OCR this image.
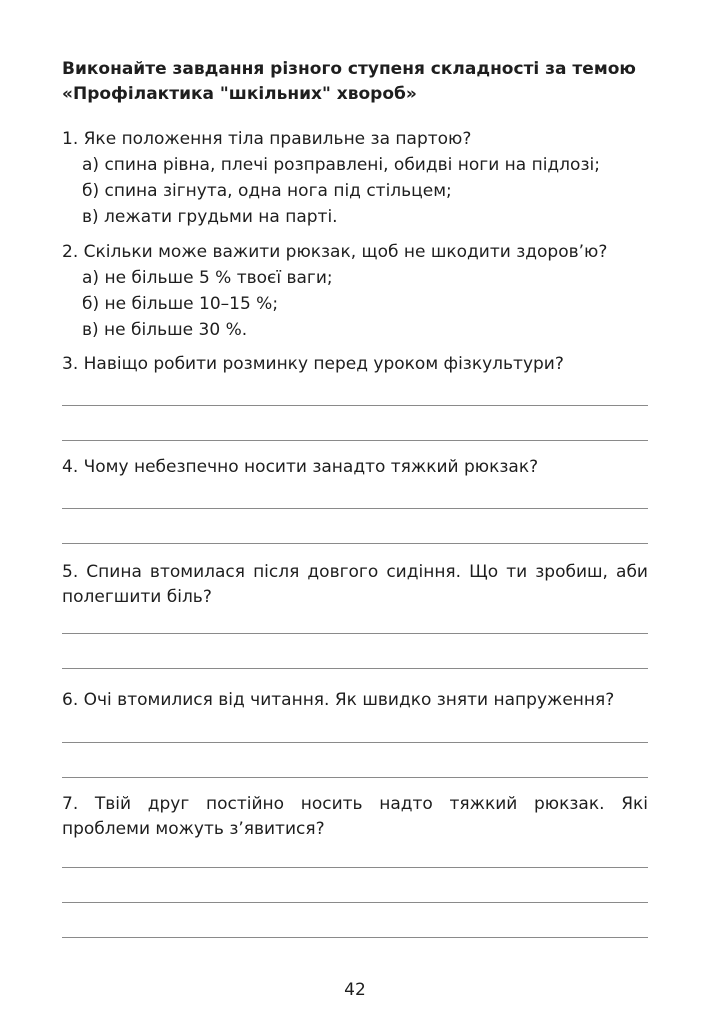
Виконайте завдання різного ступеня складності за темою
«Профілактика "шкільних" хвороб»
1. Яке положення тіла правильне за партою?
а) спина рівна, плечі розправлені, обидві ноги на підлозі;
б) спина зігнута, одна нога під стільцем;
в) лежати грудьми на парті.
2. Скільки може важити рюкзак, щоб не шкодити здоров’ю?
а) не більше 5 % твоєї ваги;
б) не більше 10–15 %;
в) не більше 30 %.
3. Навіщо робити розминку перед уроком фізкультури?
4. Чому небезпечно носити занадто тяжкий рюкзак?
5. Спина втомилася після довгого сидіння. Що ти зробиш, аби полегшити біль?
6. Очі втомилися від читання. Як швидко зняти напруження?
7. Твій друг постійно носить надто тяжкий рюкзак. Які проблеми можуть з’явитися?
42
